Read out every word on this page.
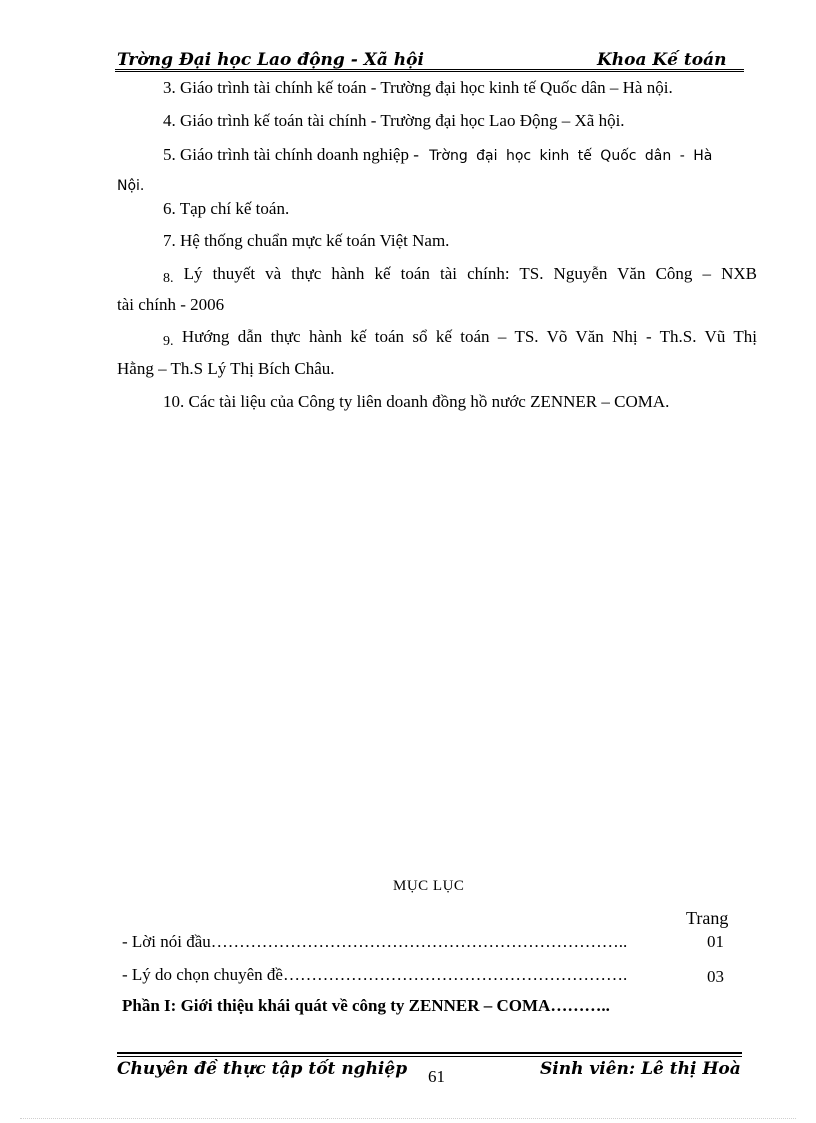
Trờng Đại học Lao động - Xã hội	Khoa Kế toán
3. Giáo trình tài chính kế toán - Trường đại học kinh tế Quốc dân – Hà nội.
4. Giáo trình kế toán tài chính - Trường đại học Lao Động – Xã hội.
5. Giáo trình tài chính doanh nghiệp - Trờng đại học kinh tế Quốc dân - Hà
Nội.
6. Tạp chí kế toán.
7. Hệ thống chuẩn mực kế toán Việt Nam.
$_{8.}$ Lý thuyết và thực hành kế toán tài chính: TS. Nguyễn Văn Công – NXB
tài chính - 2006
$_{9.}$ Hướng dẫn thực hành kế toán sổ kế toán – TS. Võ Văn Nhị - Th.S. Vũ Thị
Hằng – Th.S Lý Thị Bích Châu.
10. Các tài liệu của Công ty liên doanh đồng hồ nước ZENNER – COMA.
MỤC LỤC
Trang
- Lời nói đầu………………………………………………………………..	01
- Lý do chọn chuyên đề…………………………………………………….	03
Phần I: Giới thiệu khái quát về công ty ZENNER – COMA………..
Chuyên đề thực tập tốt nghiệp	Sinh viên: Lê thị Hoà
61
